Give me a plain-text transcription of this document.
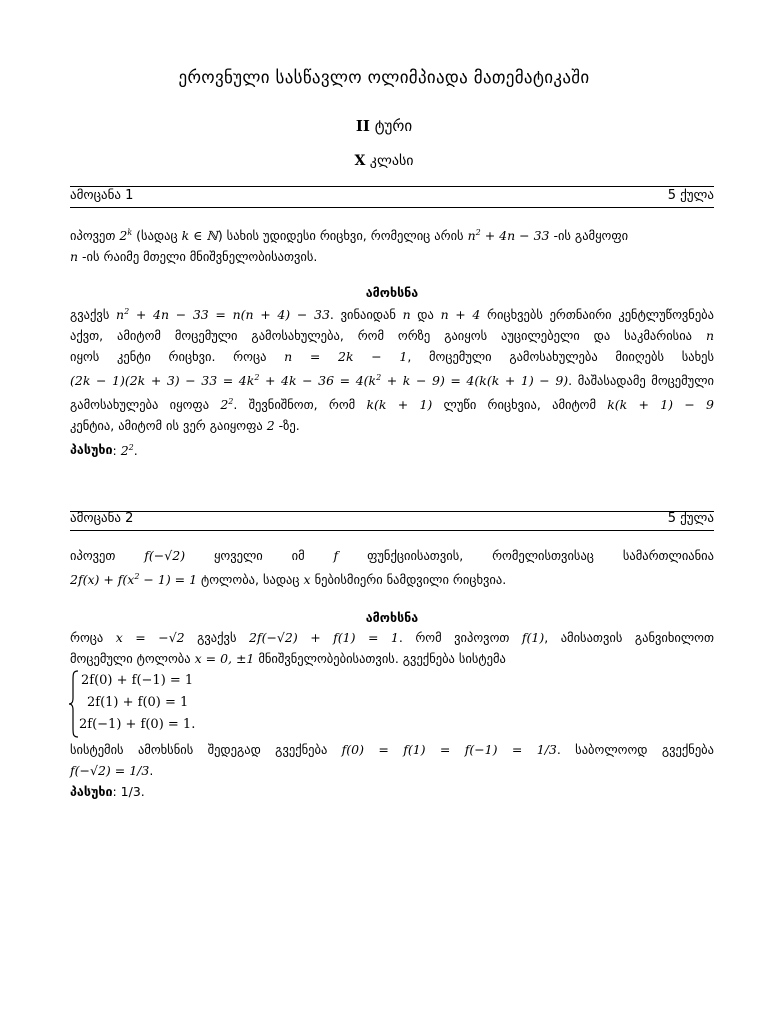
ეროვნული სასწავლო ოლიმპიადა მათემატიკაში
II ტური
X კლასი
ამოცანა 1	5 ქულა
იპოვეთ 2$^k$ (სადაც k ∈ ℕ) სახის უდიდესი რიცხვი, რომელიც არის $n^2 + 4n - 33$ -ის გამყოფი
n -ის რაიმე მთელი მნიშვნელობისათვის.
ამოხსნა
გვაქვს $n^2 + 4n - 33 = n(n + 4) - 33$. ვინაიდან n და n + 4 რიცხვებს ერთნაირი კენტლუწოვნება
აქვთ, ამიტომ მოცემული გამოსახულება, რომ ორზე გაიყოს აუცილებელი და საკმარისია n
იყოს კენტი რიცხვი. როცა n = 2k − 1, მოცემული გამოსახულება მიიღებს სახეს
$(2k - 1)(2k + 3) - 33 = 4k^2 + 4k - 36 = 4(k^2 + k - 9) = 4(k(k + 1) - 9)$. მაშასადამე მოცემული
გამოსახულება იყოფა $2^2$. შევნიშნოთ, რომ k(k + 1) ლუწი რიცხვია, ამიტომ k(k + 1) − 9
კენტია, ამიტომ ის ვერ გაიყოფა 2 -ზე.
პასუხი: $2^2$.
ამოცანა 2	5 ქულა
იპოვეთ f(−√2) ყოველი იმ f ფუნქციისათვის, რომელისთვისაც სამართლიანია
$2f(x) + f(x^2 - 1) = 1$ ტოლობა, სადაც x ნებისმიერი ნამდვილი რიცხვია.
ამოხსნა
როცა x = −√2 გვაქვს 2f(−√2) + f(1) = 1. რომ ვიპოვოთ f(1), ამისათვის განვიხილოთ
მოცემული ტოლობა x = 0, ±1 მნიშვნელობებისათვის. გვექნება სისტემა
2f(0) + f(−1) = 1
2f(1) + f(0) = 1
2f(−1) + f(0) = 1.
სისტემის ამოხსნის შედეგად გვექნება f(0) = f(1) = f(−1) = 1/3. საბოლოოდ გვექნება
f(−√2) = 1/3.
პასუხი: 1/3.
